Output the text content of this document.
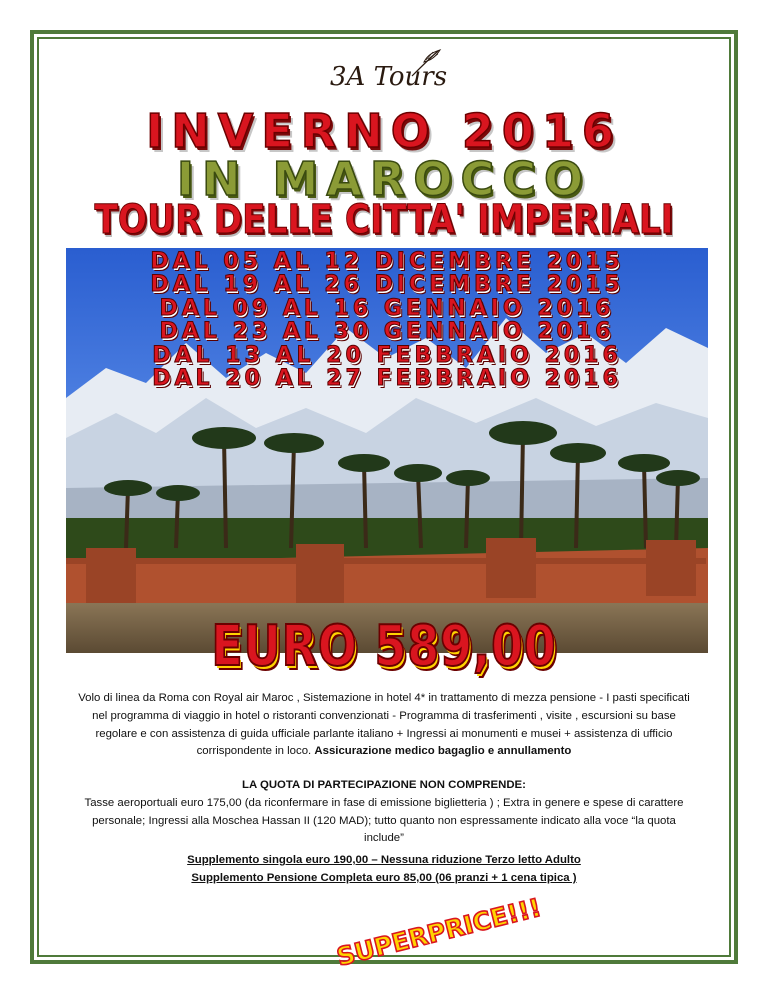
3A Tours
INVERNO 2016
IN MAROCCO
TOUR DELLE CITTA' IMPERIALI
DAL 05 AL 12 DICEMBRE 2015
DAL 19 AL 26 DICEMBRE 2015
DAL 09 AL 16 GENNAIO 2016
DAL 23 AL 30 GENNAIO 2016
DAL 13 AL 20 FEBBRAIO 2016
DAL 20 AL 27 FEBBRAIO 2016
EURO 589,00
Volo di linea da Roma con Royal air Maroc , Sistemazione in hotel 4* in trattamento di mezza pensione - I pasti specificati nel programma di viaggio in hotel o ristoranti convenzionati - Programma di trasferimenti , visite , escursioni su base regolare e con assistenza di guida ufficiale parlante italiano + Ingressi ai monumenti e musei + assistenza di ufficio corrispondente in loco. Assicurazione medico bagaglio e annullamento
LA QUOTA DI PARTECIPAZIONE NON COMPRENDE:
Tasse aeroportuali euro 175,00 (da riconfermare in fase di emissione biglietteria ) ; Extra in genere e spese di carattere personale; Ingressi alla Moschea Hassan II (120 MAD); tutto quanto non espressamente indicato alla voce “la quota include”
Supplemento singola euro 190,00 – Nessuna riduzione Terzo letto Adulto
Supplemento Pensione Completa euro 85,00 (06 pranzi + 1 cena tipica )
SUPERPRICE!!!
